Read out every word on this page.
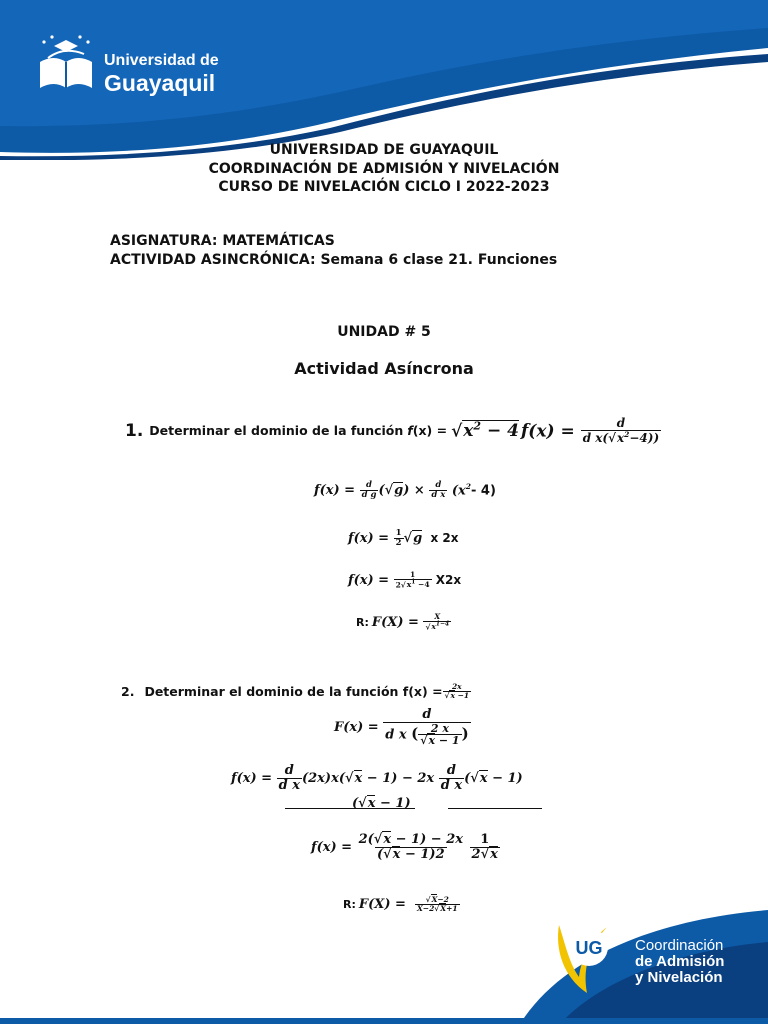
Universidad de
Guayaquil
UNIVERSIDAD DE GUAYAQUIL
COORDINACIÓN DE ADMISIÓN Y NIVELACIÓN
CURSO DE NIVELACIÓN CICLO I 2022-2023
ASIGNATURA: MATEMÁTICAS
ACTIVIDAD ASINCRÓNICA: Semana 6 clase 21. Funciones
UNIDAD # 5
Actividad Asíncrona
1. Determinar el dominio de la función $f(x) = √x^2 - 4$ $f(x) = \frac{d}{d x(√x^2-4))}$
$f(x) = \frac{d}{\text{d g}} (√g) \times \frac{d}{\text{d x}} (x^2-$ 4)
$f(x) = \frac{1}{2} √g$ x 2x
$f(x) = \frac{1}{2√x^1 -4} X2x$
R: $F(X) = \frac{X}{√x^{1-4}}$
2. Determinar el dominio de la función $f(x) = \frac{2x}{√x -1}$
$F(x) = \frac{d}{d x ( \frac{2 x}{√x - 1} )}$
$f(x) = \frac{d}{\text{d x}} (2x)x(√x - 1) - 2x \frac{d}{\text{d x}} (√x - 1)$
(√x − 1)
$f(x) = \frac{2(√x - 1) - 2x}{(√x - 1)2}$
$\frac{1}{2√x}$
R: $F(X) = \frac{√X-2}{X-2√X+1}$
UG Coordinación
de Admisión
y Nivelación
